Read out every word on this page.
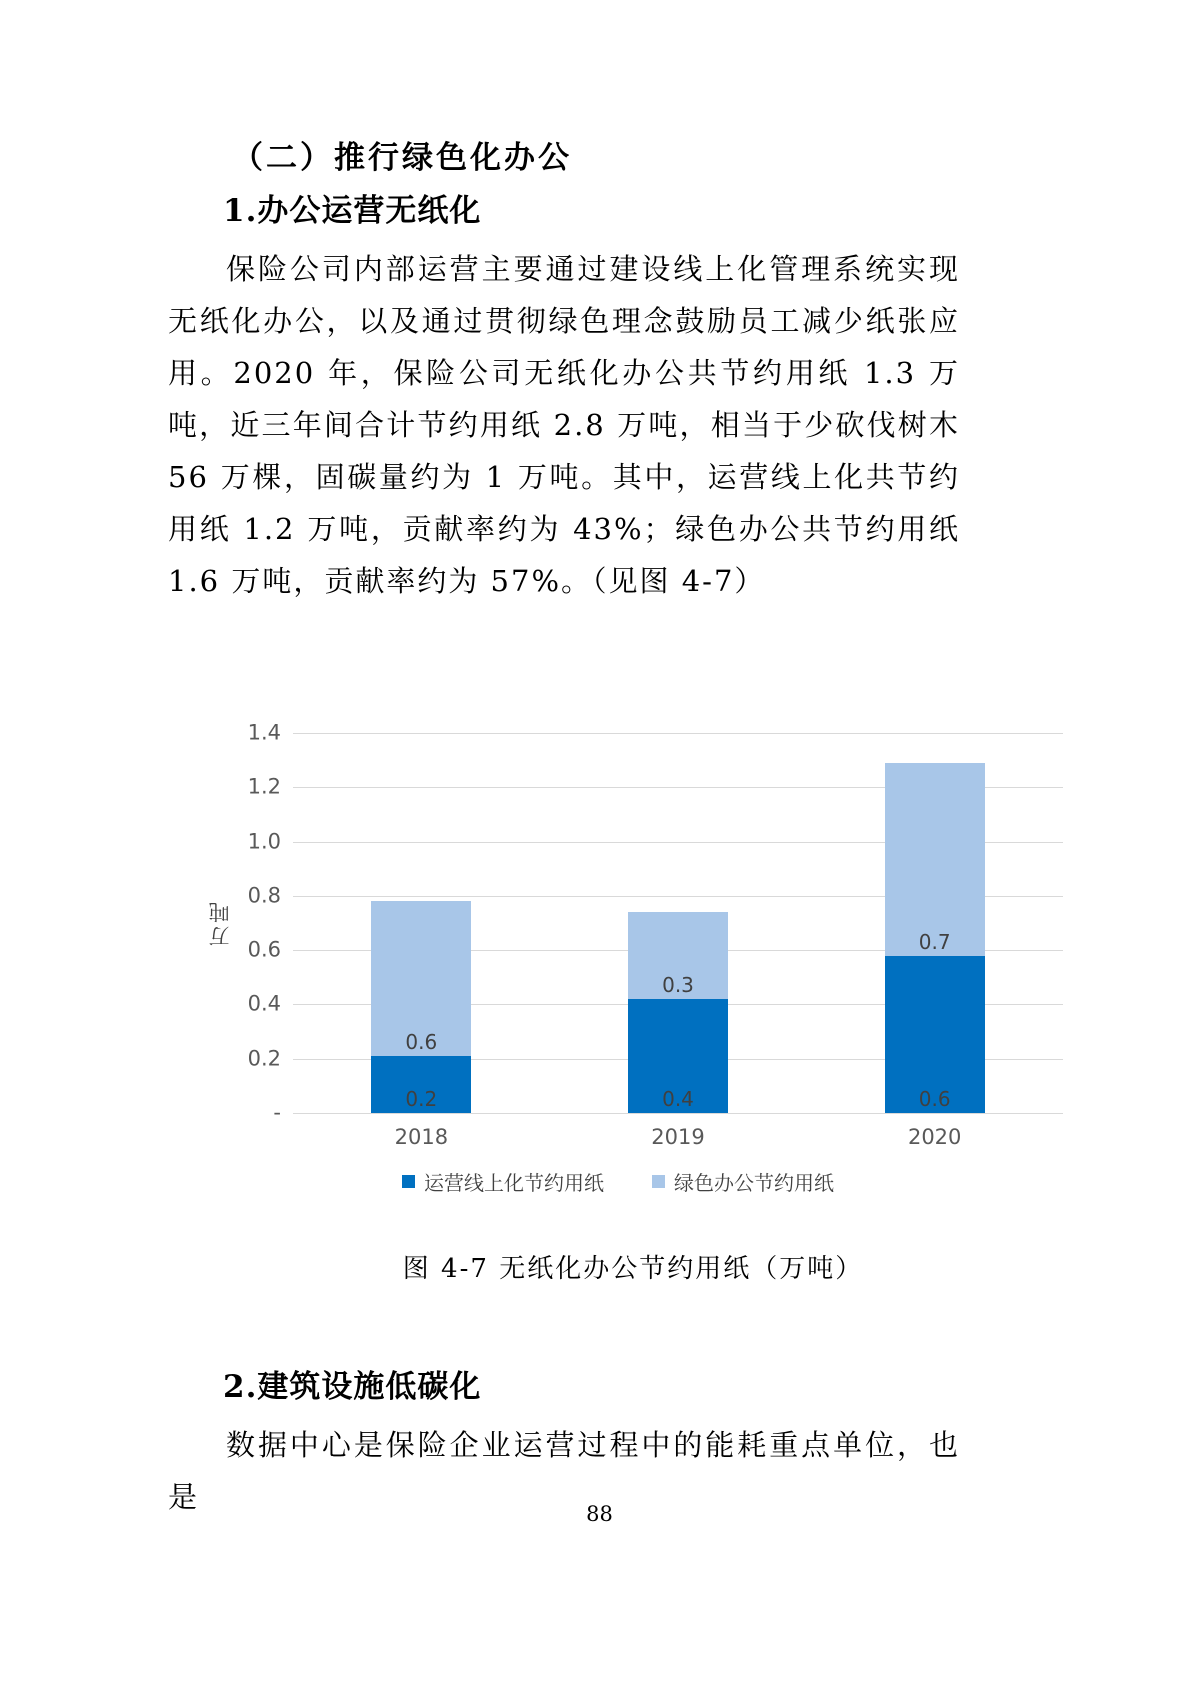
（二）推行绿色化办公
1.办公运营无纸化

保险公司内部运营主要通过建设线上化管理系统实现无纸化办公，以及通过贯彻绿色理念鼓励员工减少纸张应用。2020 年，保险公司无纸化办公共节约用纸 1.3 万吨，近三年间合计节约用纸 2.8 万吨，相当于少砍伐树木 56 万棵，固碳量约为 1 万吨。其中，运营线上化共节约用纸 1.2 万吨，贡献率约为 43%；绿色办公共节约用纸 1.6 万吨，贡献率约为 57%。（见图 4-7）

万吨
1.4
1.2
1.0
0.8
0.6
0.4
0.2
-
0.2
0.6
0.4
0.3
0.6
0.7
2018	2019	2020
运营线上化节约用纸	绿色办公节约用纸
图 4-7 无纸化办公节约用纸（万吨）
2.建筑设施低碳化

数据中心是保险企业运营过程中的能耗重点单位，也是	88
